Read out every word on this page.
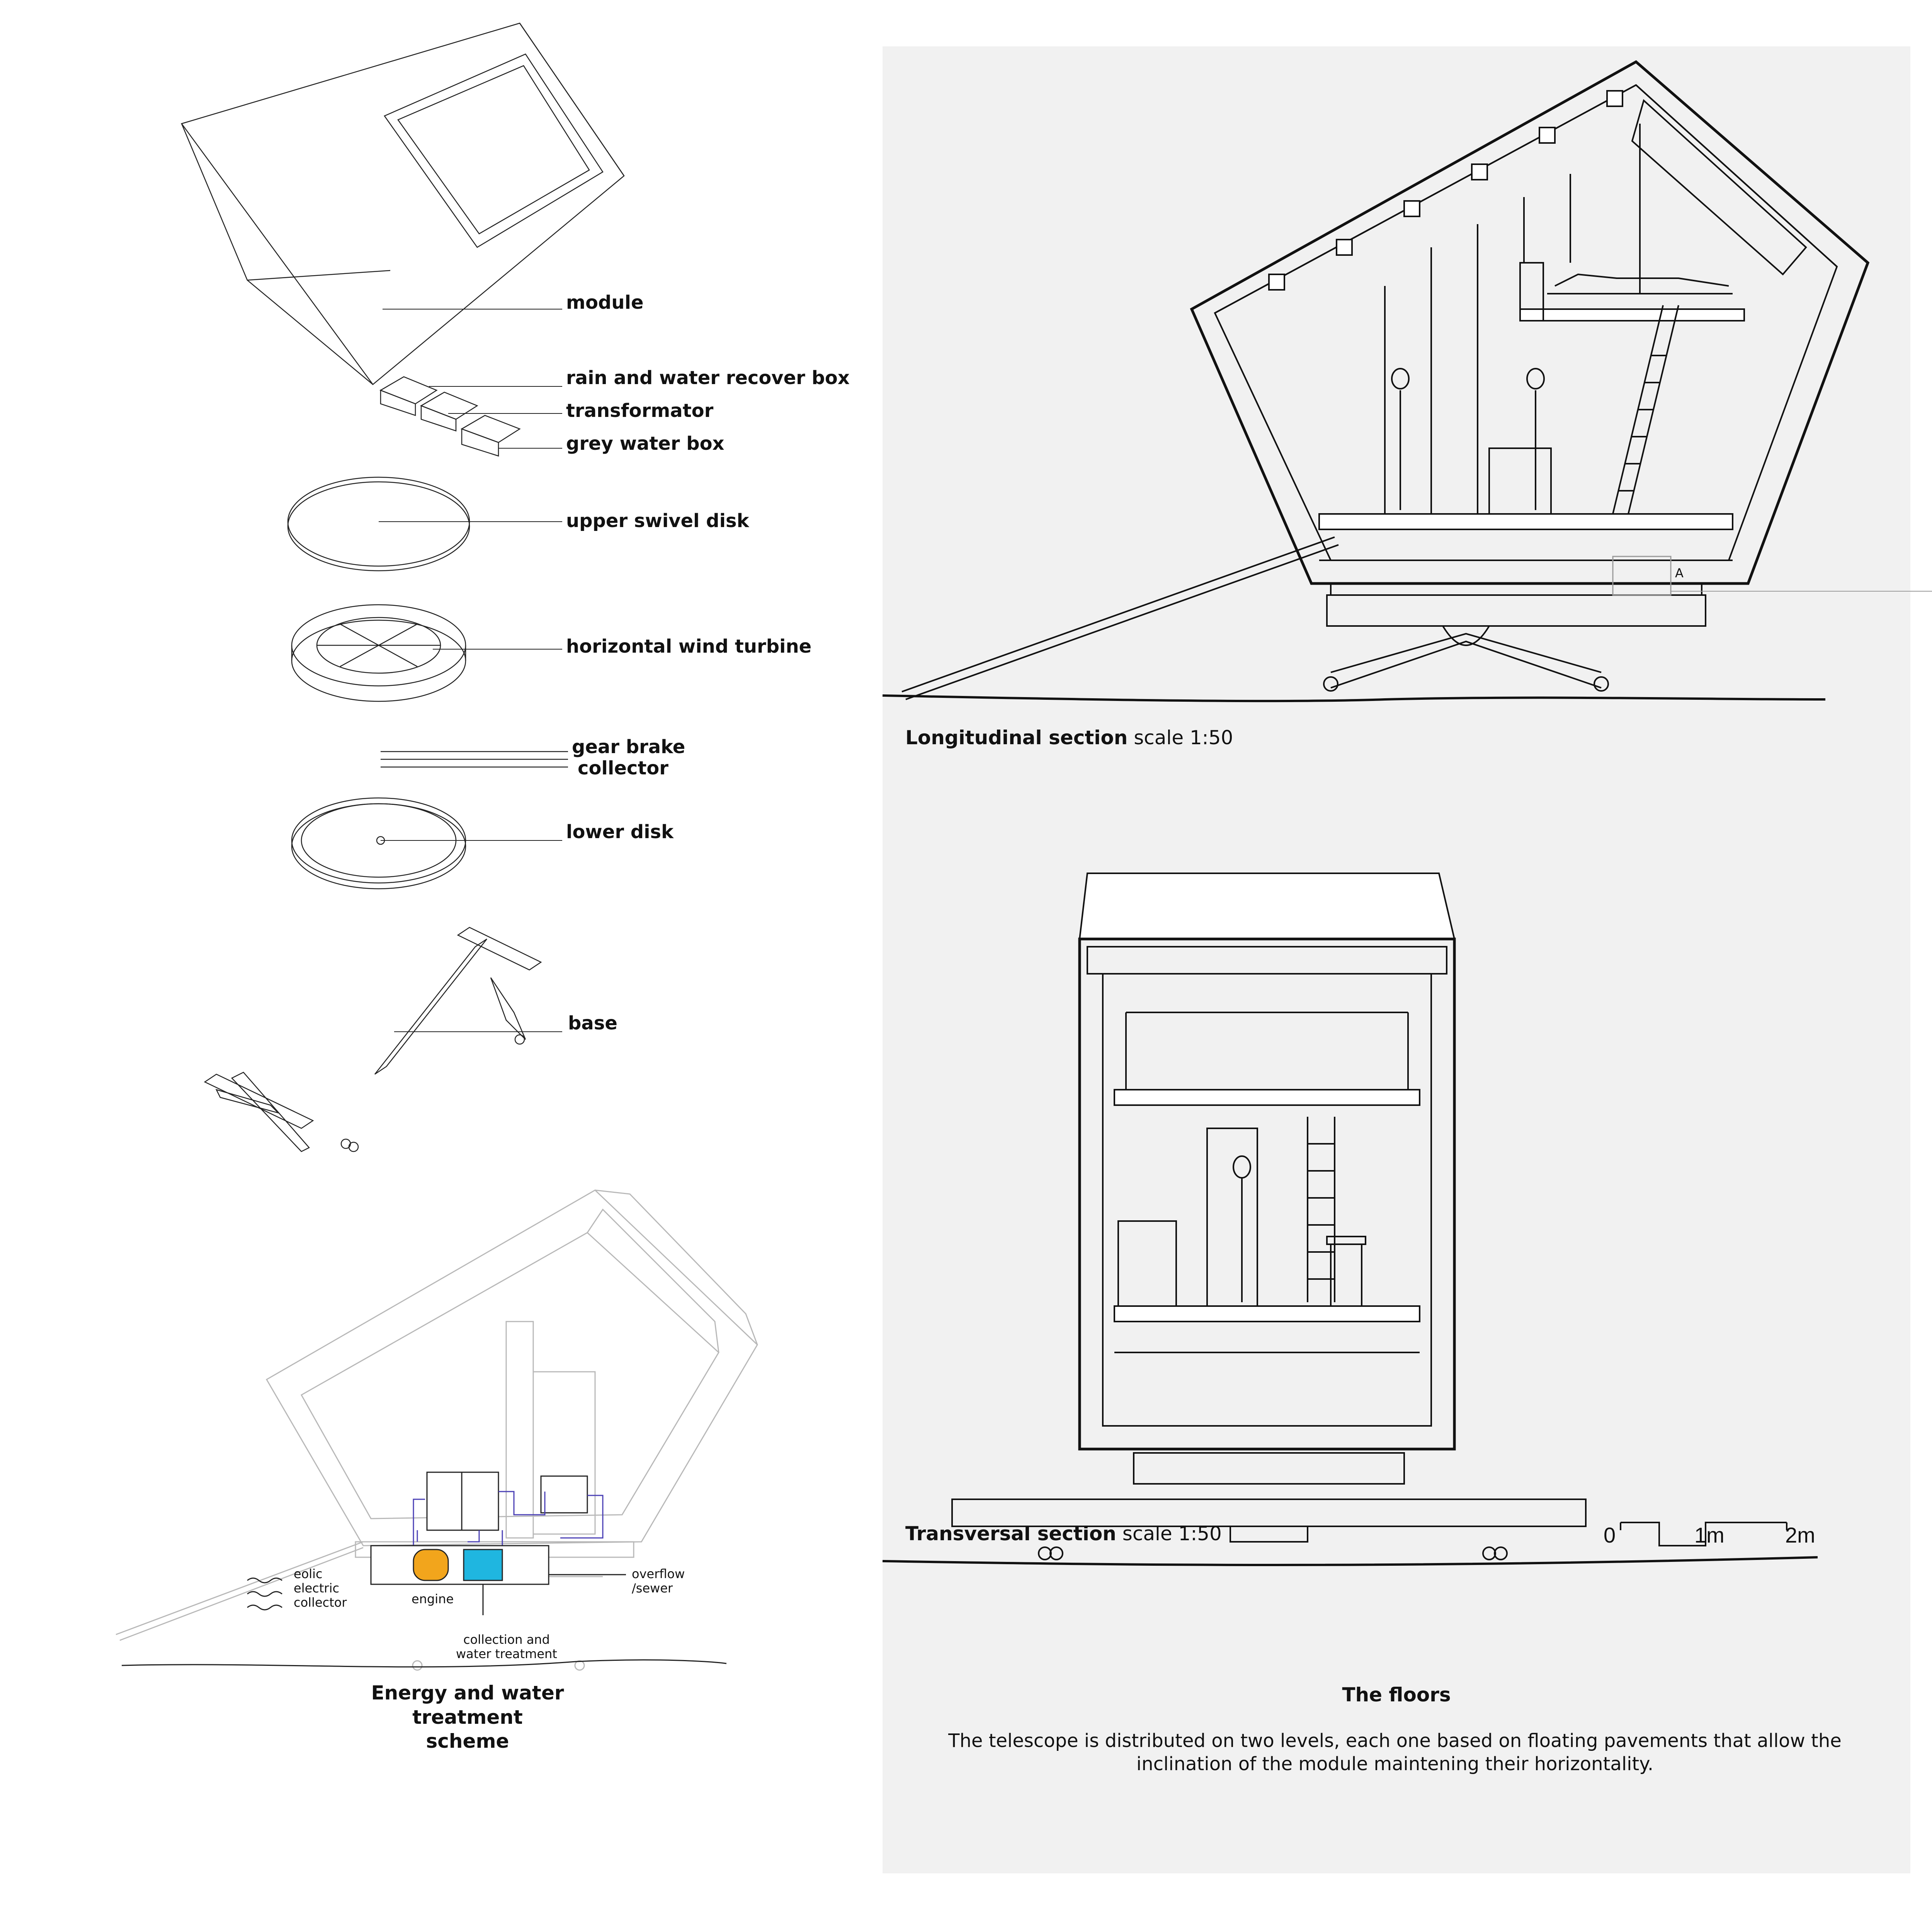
module
rain and water recover box
transformator
grey water box
upper swivel disk
horizontal wind turbine
gear brake
collector
lower disk
base
eolic
electric
collector	engine
overflow
/sewer
collection and
water treatment
Energy and water treatment
scheme
A
Longitudinal section scale 1:50
0	1m	2m
Transversal section scale 1:50
The floors
The telescope is distributed on two levels, each one based on floating pavements that allow the inclination of the module maintening their horizontality.
